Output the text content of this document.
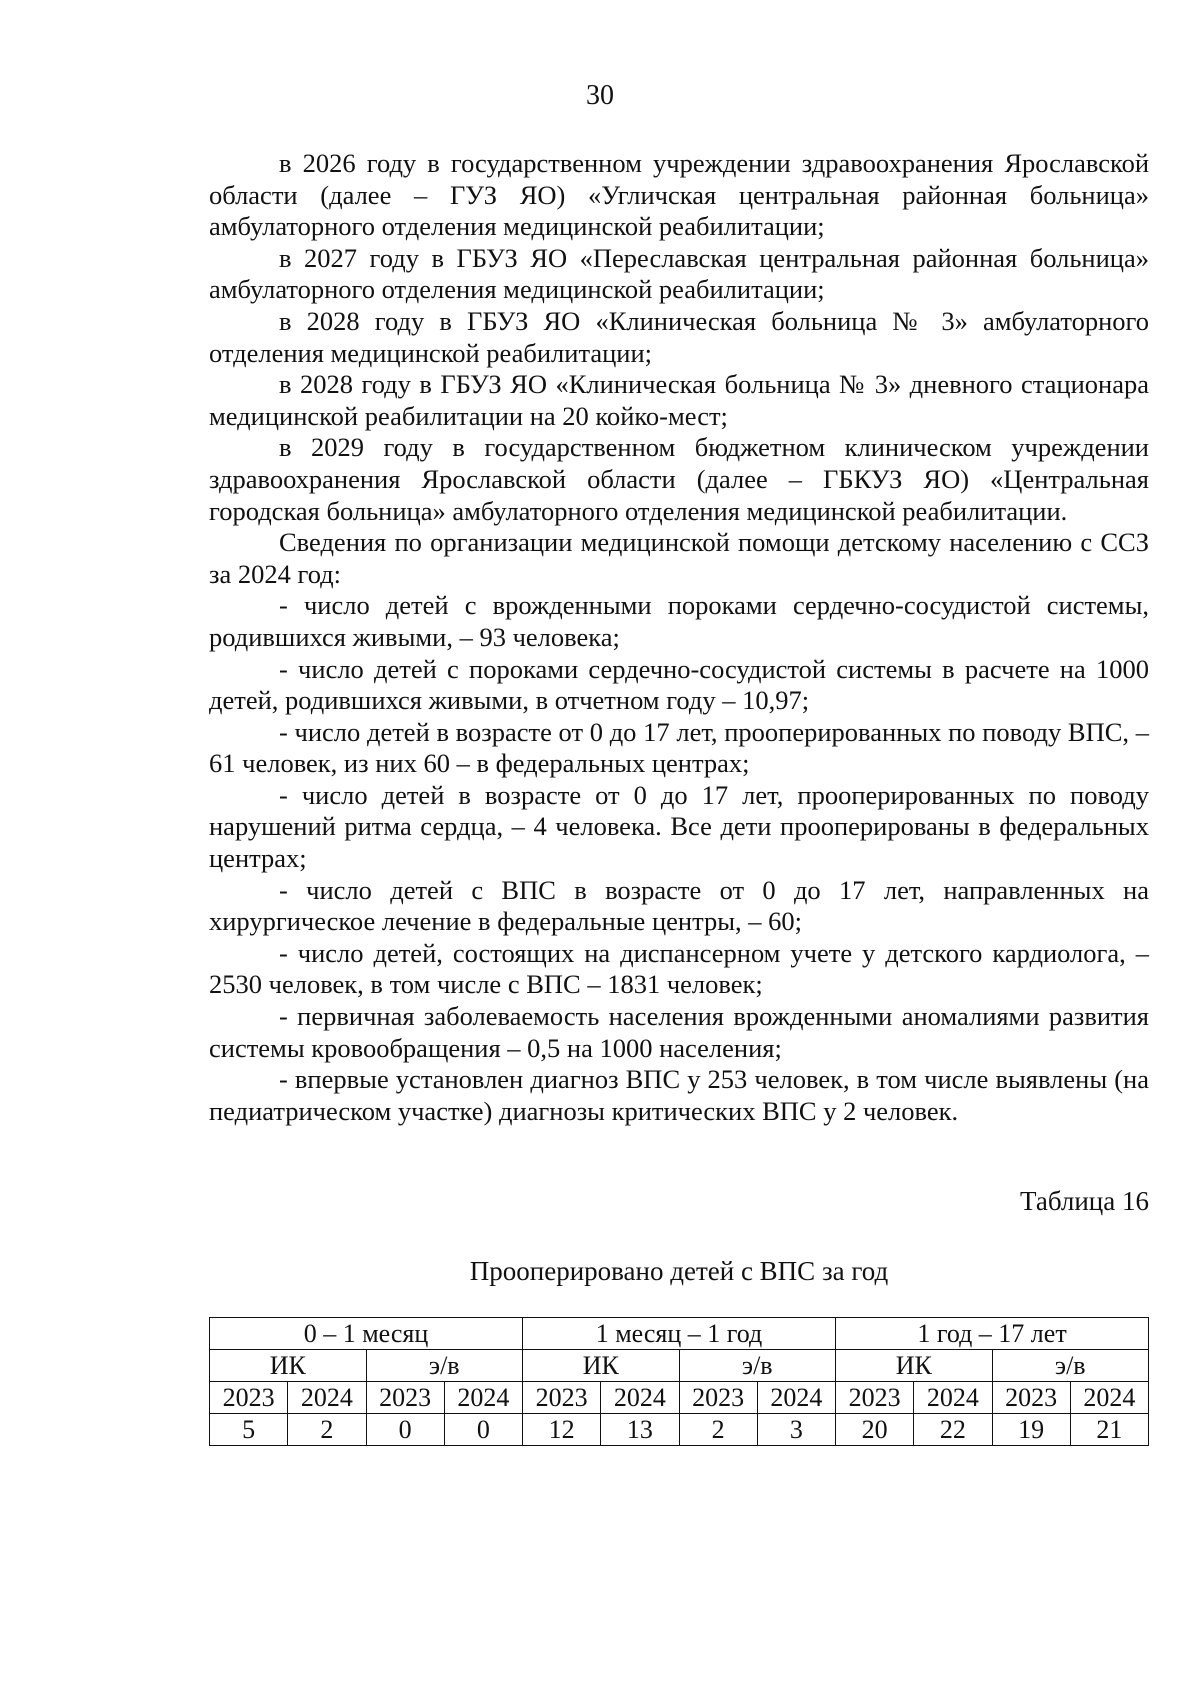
30

в 2026 году в государственном учреждении здравоохранения Ярославской области (далее – ГУЗ ЯО) «Угличская центральная районная больница» амбулаторного отделения медицинской реабилитации;

в 2027 году в ГБУЗ ЯО «Переславская центральная районная больница» амбулаторного отделения медицинской реабилитации;

в 2028 году в ГБУЗ ЯО «Клиническая больница № 3» амбулаторного отделения медицинской реабилитации;

в 2028 году в ГБУЗ ЯО «Клиническая больница № 3» дневного стационара медицинской реабилитации на 20 койко-мест;

в 2029 году в государственном бюджетном клиническом учреждении здравоохранения Ярославской области (далее – ГБКУЗ ЯО) «Центральная городская больница» амбулаторного отделения медицинской реабилитации.

Сведения по организации медицинской помощи детскому населению с ССЗ за 2024 год:

- число детей с врожденными пороками сердечно-сосудистой системы, родившихся живыми, – 93 человека;

- число детей с пороками сердечно-сосудистой системы в расчете на 1000 детей, родившихся живыми, в отчетном году – 10,97;

- число детей в возрасте от 0 до 17 лет, прооперированных по поводу ВПС, – 61 человек, из них 60 – в федеральных центрах;

- число детей в возрасте от 0 до 17 лет, прооперированных по поводу нарушений ритма сердца, – 4 человека. Все дети прооперированы в федеральных центрах;

- число детей с ВПС в возрасте от 0 до 17 лет, направленных на хирургическое лечение в федеральные центры, – 60;

- число детей, состоящих на диспансерном учете у детского кардиолога, – 2530 человек, в том числе с ВПС – 1831 человек;

- первичная заболеваемость населения врожденными аномалиями развития системы кровообращения – 0,5 на 1000 населения;

- впервые установлен диагноз ВПС у 253 человек, в том числе выявлены (на педиатрическом участке) диагнозы критических ВПС у 2 человек.

Таблица 16
Прооперировано детей с ВПС за год
0 – 1 месяц				1 месяц – 1 год				1 год – 17 лет			
ИК		э/в		ИК		э/в		ИК		э/в	
2023	2024	2023	2024	2023	2024	2023	2024	2023	2024	2023	2024
5	2	0	0	12	13	2	3	20	22	19	21
